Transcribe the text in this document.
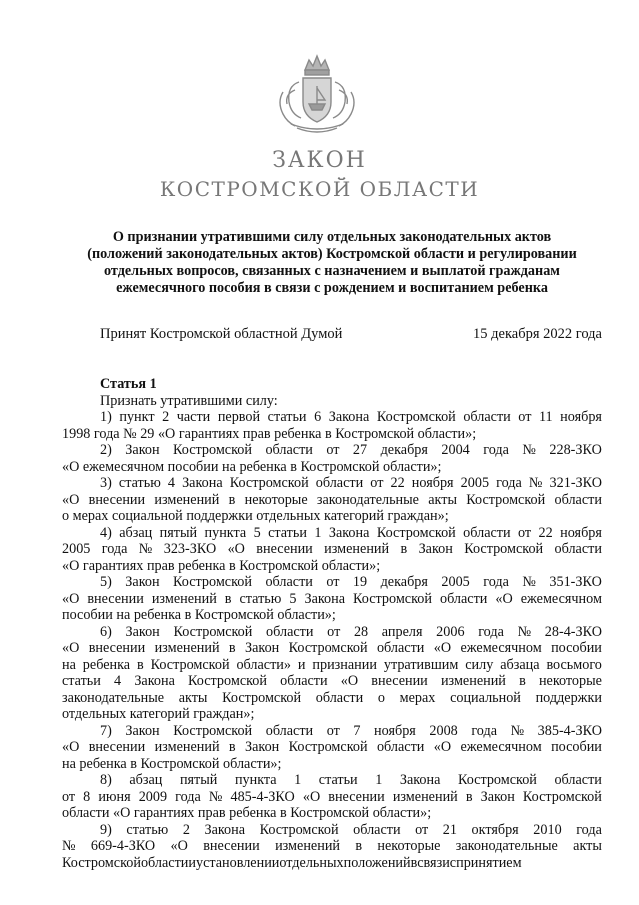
ЗАКОН
КОСТРОМСКОЙ ОБЛАСТИ
О признании утратившими силу отдельных законодательных актов
(положений законодательных актов) Костромской области и регулировании
отдельных вопросов, связанных с назначением и выплатой гражданам
ежемесячного пособия в связи с рождением и воспитанием ребенка
Принят Костромской областной Думой	15 декабря 2022 года
Статья 1
Признать утратившими силу:
1) пункт 2 части первой статьи 6 Закона Костромской области от 11 ноября
1998 года № 29 «О гарантиях прав ребенка в Костромской области»;
2) Закон Костромской области от 27 декабря 2004 года № 228-ЗКО
«О ежемесячном пособии на ребенка в Костромской области»;
3) статью 4 Закона Костромской области от 22 ноября 2005 года № 321-ЗКО
«О внесении изменений в некоторые законодательные акты Костромской области
о мерах социальной поддержки отдельных категорий граждан»;
4) абзац пятый пункта 5 статьи 1 Закона Костромской области от 22 ноября
2005 года № 323-ЗКО «О внесении изменений в Закон Костромской области
«О гарантиях прав ребенка в Костромской области»;
5) Закон Костромской области от 19 декабря 2005 года № 351-ЗКО
«О внесении изменений в статью 5 Закона Костромской области «О ежемесячном
пособии на ребенка в Костромской области»;
6) Закон Костромской области от 28 апреля 2006 года № 28-4-ЗКО
«О внесении изменений в Закон Костромской области «О ежемесячном пособии
на ребенка в Костромской области» и признании утратившим силу абзаца восьмого
статьи 4 Закона Костромской области «О внесении изменений в некоторые
законодательные акты Костромской области о мерах социальной поддержки
отдельных категорий граждан»;
7) Закон Костромской области от 7 ноября 2008 года № 385-4-ЗКО
«О внесении изменений в Закон Костромской области «О ежемесячном пособии
на ребенка в Костромской области»;
8) абзац пятый пункта 1 статьи 1 Закона Костромской области
от 8 июня 2009 года № 485-4-ЗКО «О внесении изменений в Закон Костромской
области «О гарантиях прав ребенка в Костромской области»;
9) статью 2 Закона Костромской области от 21 октября 2010 года
№ 669-4-ЗКО «О внесении изменений в некоторые законодательные акты
Костромскойобластииустановленииотдельныхположенийвсвязиспринятием
